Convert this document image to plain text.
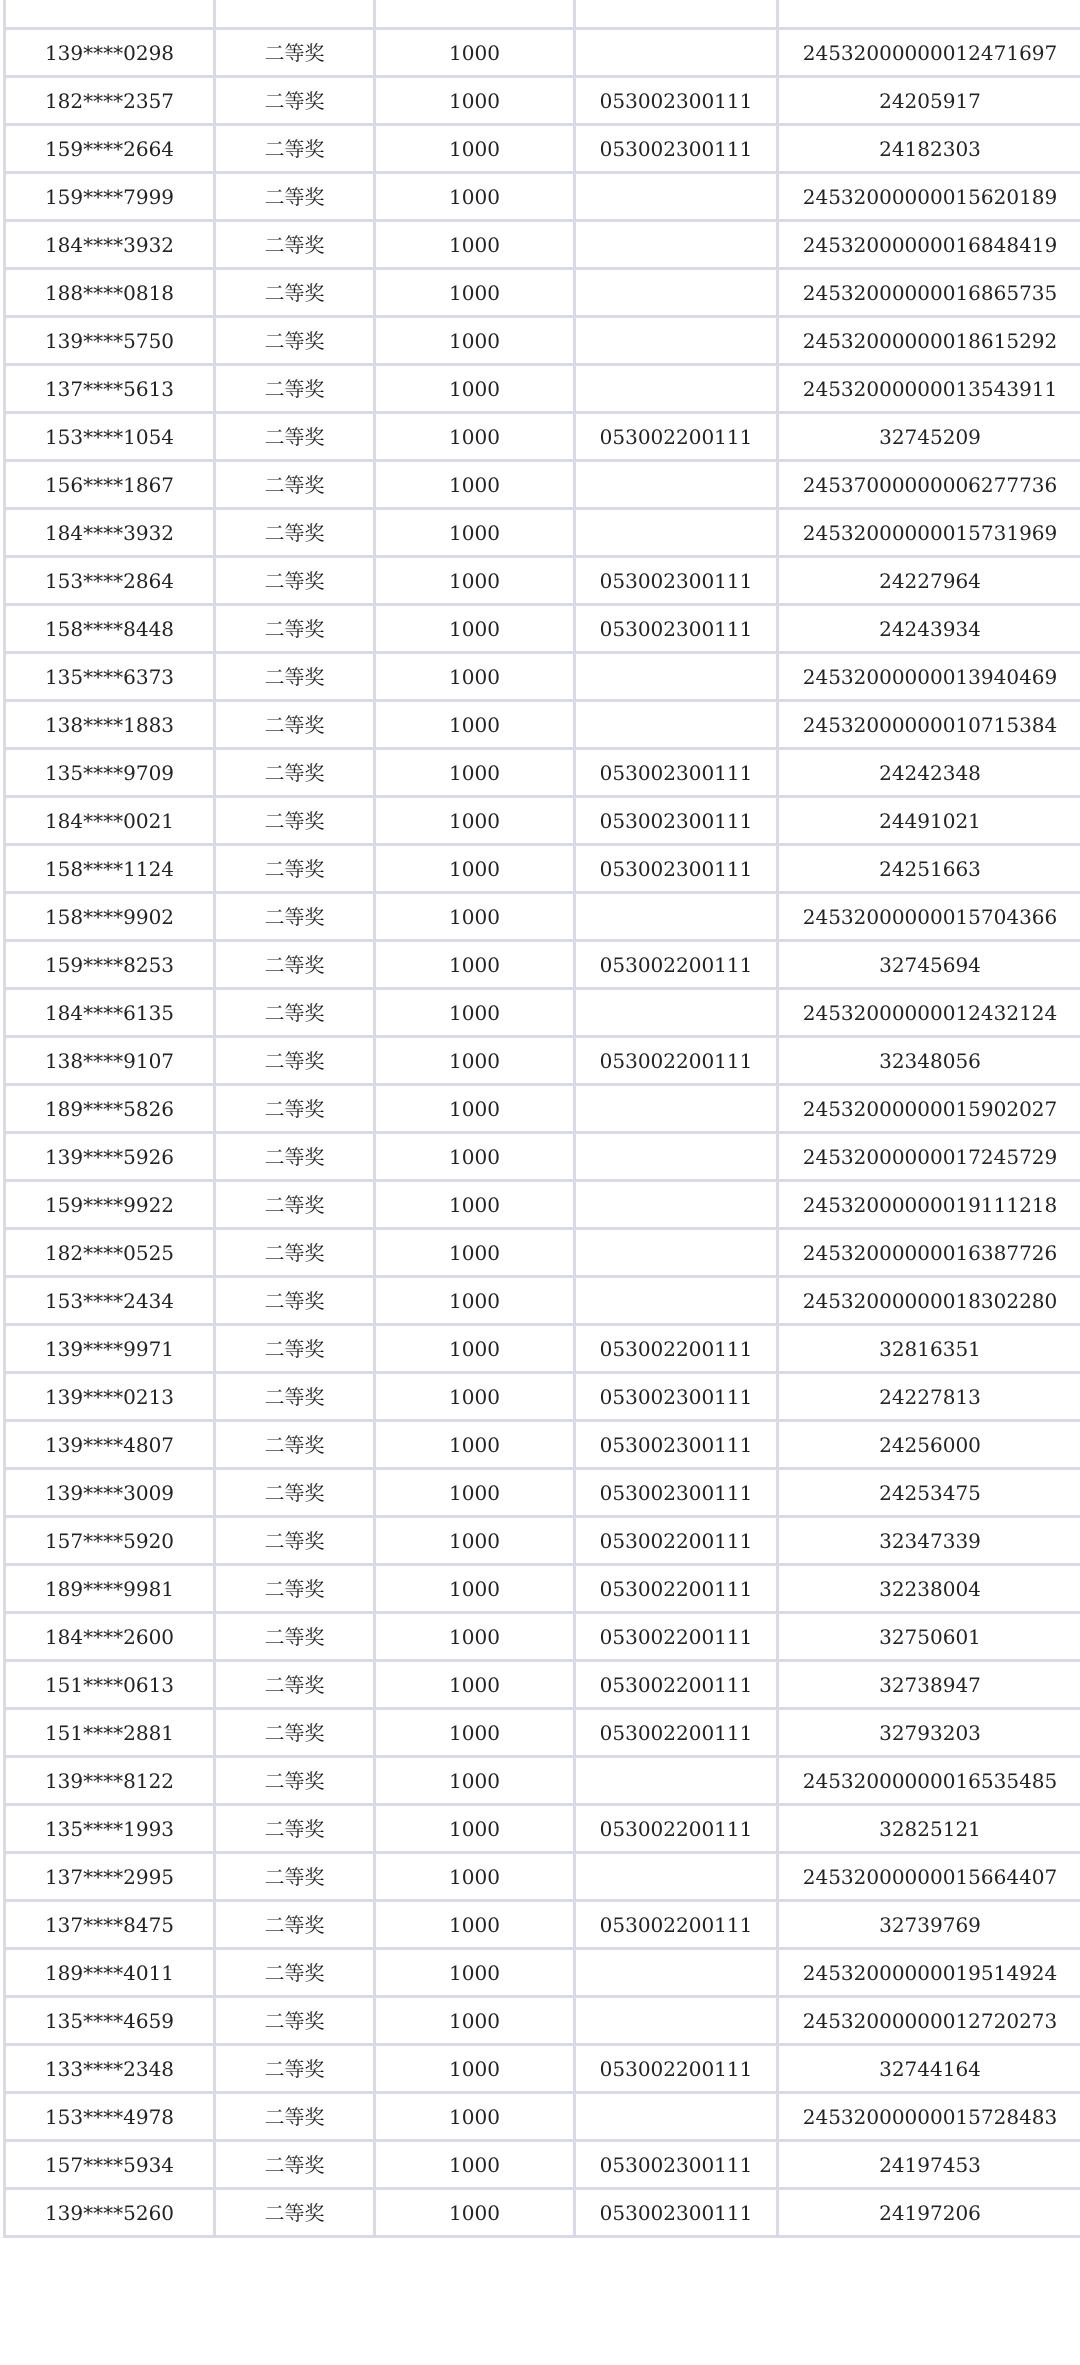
139****0298	二等奖	1000		24532000000012471697
182****2357	二等奖	1000	053002300111	24205917
159****2664	二等奖	1000	053002300111	24182303
159****7999	二等奖	1000		24532000000015620189
184****3932	二等奖	1000		24532000000016848419
188****0818	二等奖	1000		24532000000016865735
139****5750	二等奖	1000		24532000000018615292
137****5613	二等奖	1000		24532000000013543911
153****1054	二等奖	1000	053002200111	32745209
156****1867	二等奖	1000		24537000000006277736
184****3932	二等奖	1000		24532000000015731969
153****2864	二等奖	1000	053002300111	24227964
158****8448	二等奖	1000	053002300111	24243934
135****6373	二等奖	1000		24532000000013940469
138****1883	二等奖	1000		24532000000010715384
135****9709	二等奖	1000	053002300111	24242348
184****0021	二等奖	1000	053002300111	24491021
158****1124	二等奖	1000	053002300111	24251663
158****9902	二等奖	1000		24532000000015704366
159****8253	二等奖	1000	053002200111	32745694
184****6135	二等奖	1000		24532000000012432124
138****9107	二等奖	1000	053002200111	32348056
189****5826	二等奖	1000		24532000000015902027
139****5926	二等奖	1000		24532000000017245729
159****9922	二等奖	1000		24532000000019111218
182****0525	二等奖	1000		24532000000016387726
153****2434	二等奖	1000		24532000000018302280
139****9971	二等奖	1000	053002200111	32816351
139****0213	二等奖	1000	053002300111	24227813
139****4807	二等奖	1000	053002300111	24256000
139****3009	二等奖	1000	053002300111	24253475
157****5920	二等奖	1000	053002200111	32347339
189****9981	二等奖	1000	053002200111	32238004
184****2600	二等奖	1000	053002200111	32750601
151****0613	二等奖	1000	053002200111	32738947
151****2881	二等奖	1000	053002200111	32793203
139****8122	二等奖	1000		24532000000016535485
135****1993	二等奖	1000	053002200111	32825121
137****2995	二等奖	1000		24532000000015664407
137****8475	二等奖	1000	053002200111	32739769
189****4011	二等奖	1000		24532000000019514924
135****4659	二等奖	1000		24532000000012720273
133****2348	二等奖	1000	053002200111	32744164
153****4978	二等奖	1000		24532000000015728483
157****5934	二等奖	1000	053002300111	24197453
139****5260	二等奖	1000	053002300111	24197206
